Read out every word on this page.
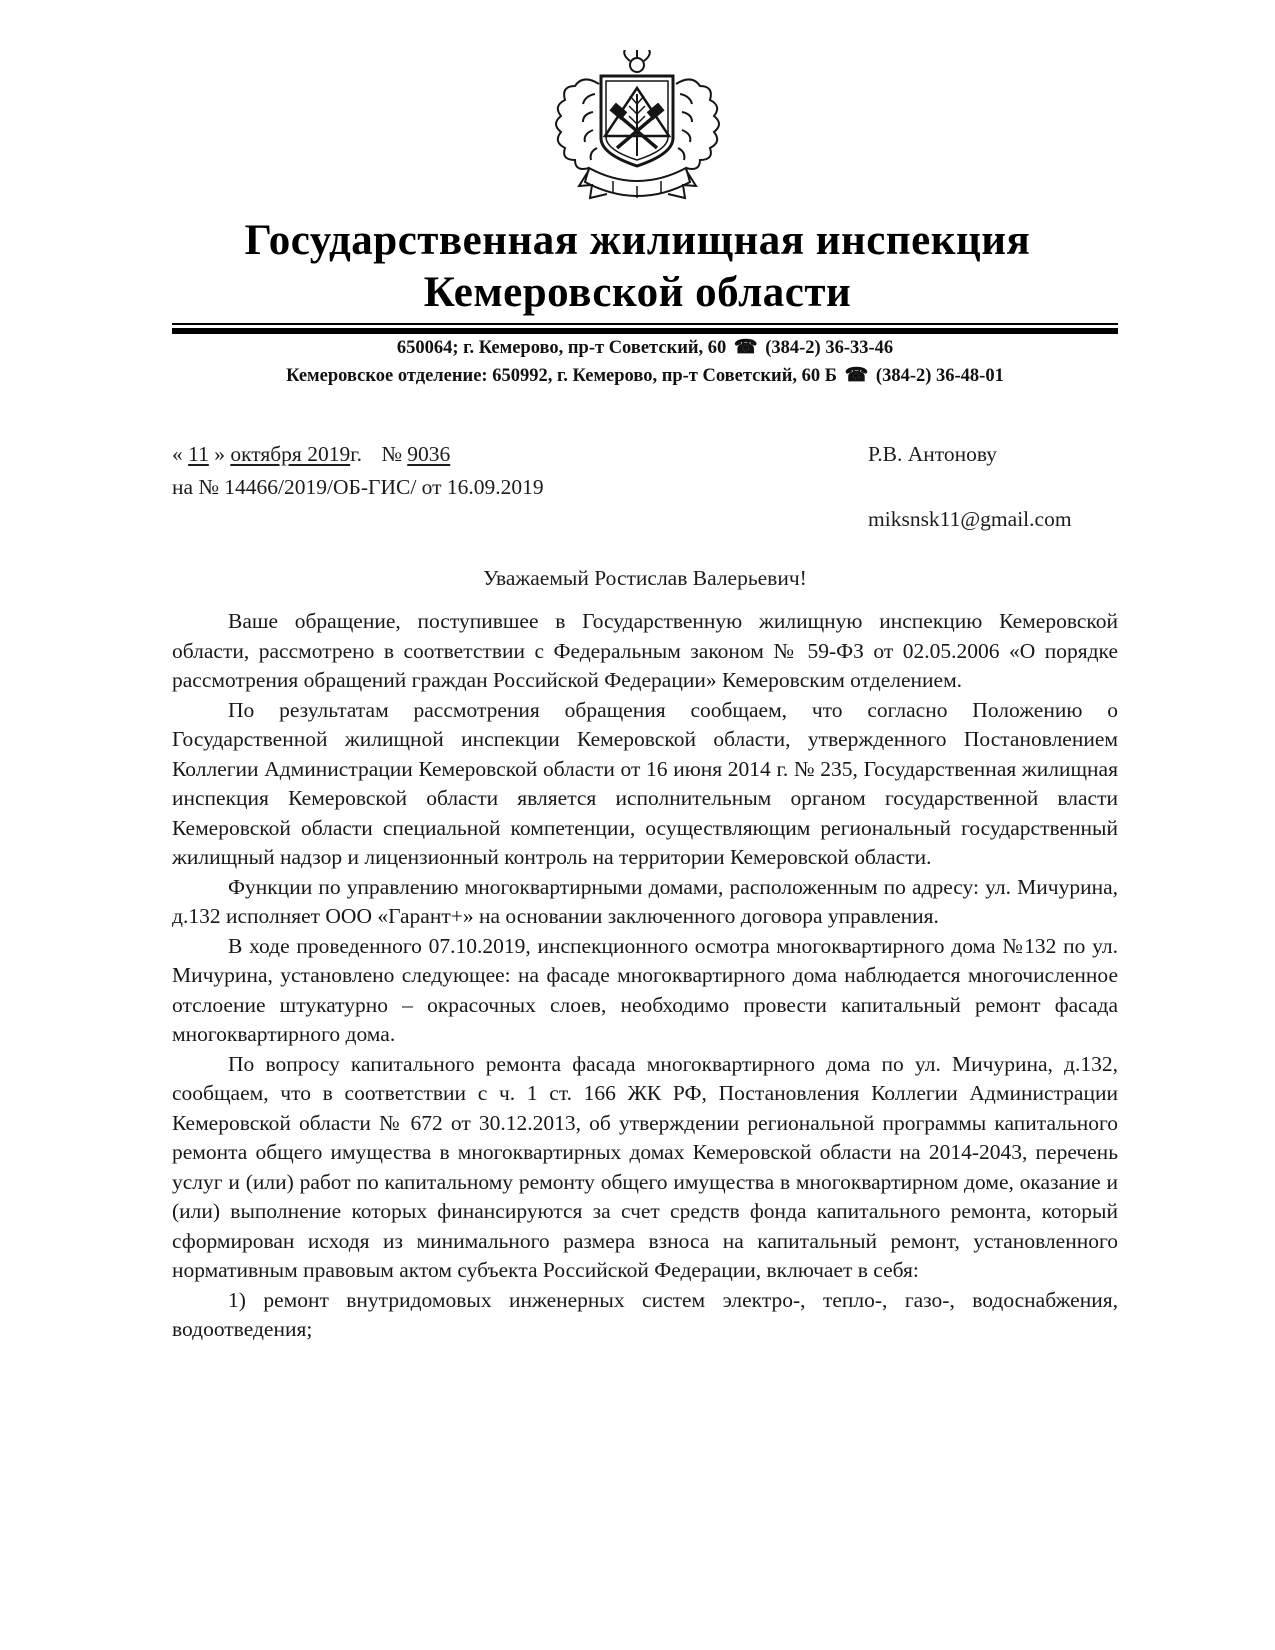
Государственная жилищная инспекция
Кемеровской области
650064; г. Кемерово, пр-т Советский, 60 ☎ (384-2) 36-33-46
Кемеровское отделение: 650992, г. Кемерово, пр-т Советский, 60 Б ☎ (384-2) 36-48-01
« 11 » октября 2019г. № 9036
на № 14466/2019/ОБ-ГИС/ от 16.09.2019
Р.В. Антонову
miksnsk11@gmail.com
Уважаемый Ростислав Валерьевич!

Ваше обращение, поступившее в Государственную жилищную инспекцию Кемеровской области, рассмотрено в соответствии с Федеральным законом № 59-ФЗ от 02.05.2006 «О порядке рассмотрения обращений граждан Российской Федерации» Кемеровским отделением.

По результатам рассмотрения обращения сообщаем, что согласно Положению о Государственной жилищной инспекции Кемеровской области, утвержденного Постановлением Коллегии Администрации Кемеровской области от 16 июня 2014 г. № 235, Государственная жилищная инспекция Кемеровской области является исполнительным органом государственной власти Кемеровской области специальной компетенции, осуществляющим региональный государственный жилищный надзор и лицензионный контроль на территории Кемеровской области.

Функции по управлению многоквартирными домами, расположенным по адресу: ул. Мичурина, д.132 исполняет ООО «Гарант+» на основании заключенного договора управления.

В ходе проведенного 07.10.2019, инспекционного осмотра многоквартирного дома №132 по ул. Мичурина, установлено следующее: на фасаде многоквартирного дома наблюдается многочисленное отслоение штукатурно – окрасочных слоев, необходимо провести капитальный ремонт фасада многоквартирного дома.

По вопросу капитального ремонта фасада многоквартирного дома по ул. Мичурина, д.132, сообщаем, что в соответствии с ч. 1 ст. 166 ЖК РФ, Постановления Коллегии Администрации Кемеровской области № 672 от 30.12.2013, об утверждении региональной программы капитального ремонта общего имущества в многоквартирных домах Кемеровской области на 2014-2043, перечень услуг и (или) работ по капитальному ремонту общего имущества в многоквартирном доме, оказание и (или) выполнение которых финансируются за счет средств фонда капитального ремонта, который сформирован исходя из минимального размера взноса на капитальный ремонт, установленного нормативным правовым актом субъекта Российской Федерации, включает в себя:

1) ремонт внутридомовых инженерных систем электро-, тепло-, газо-, водоснабжения, водоотведения;
